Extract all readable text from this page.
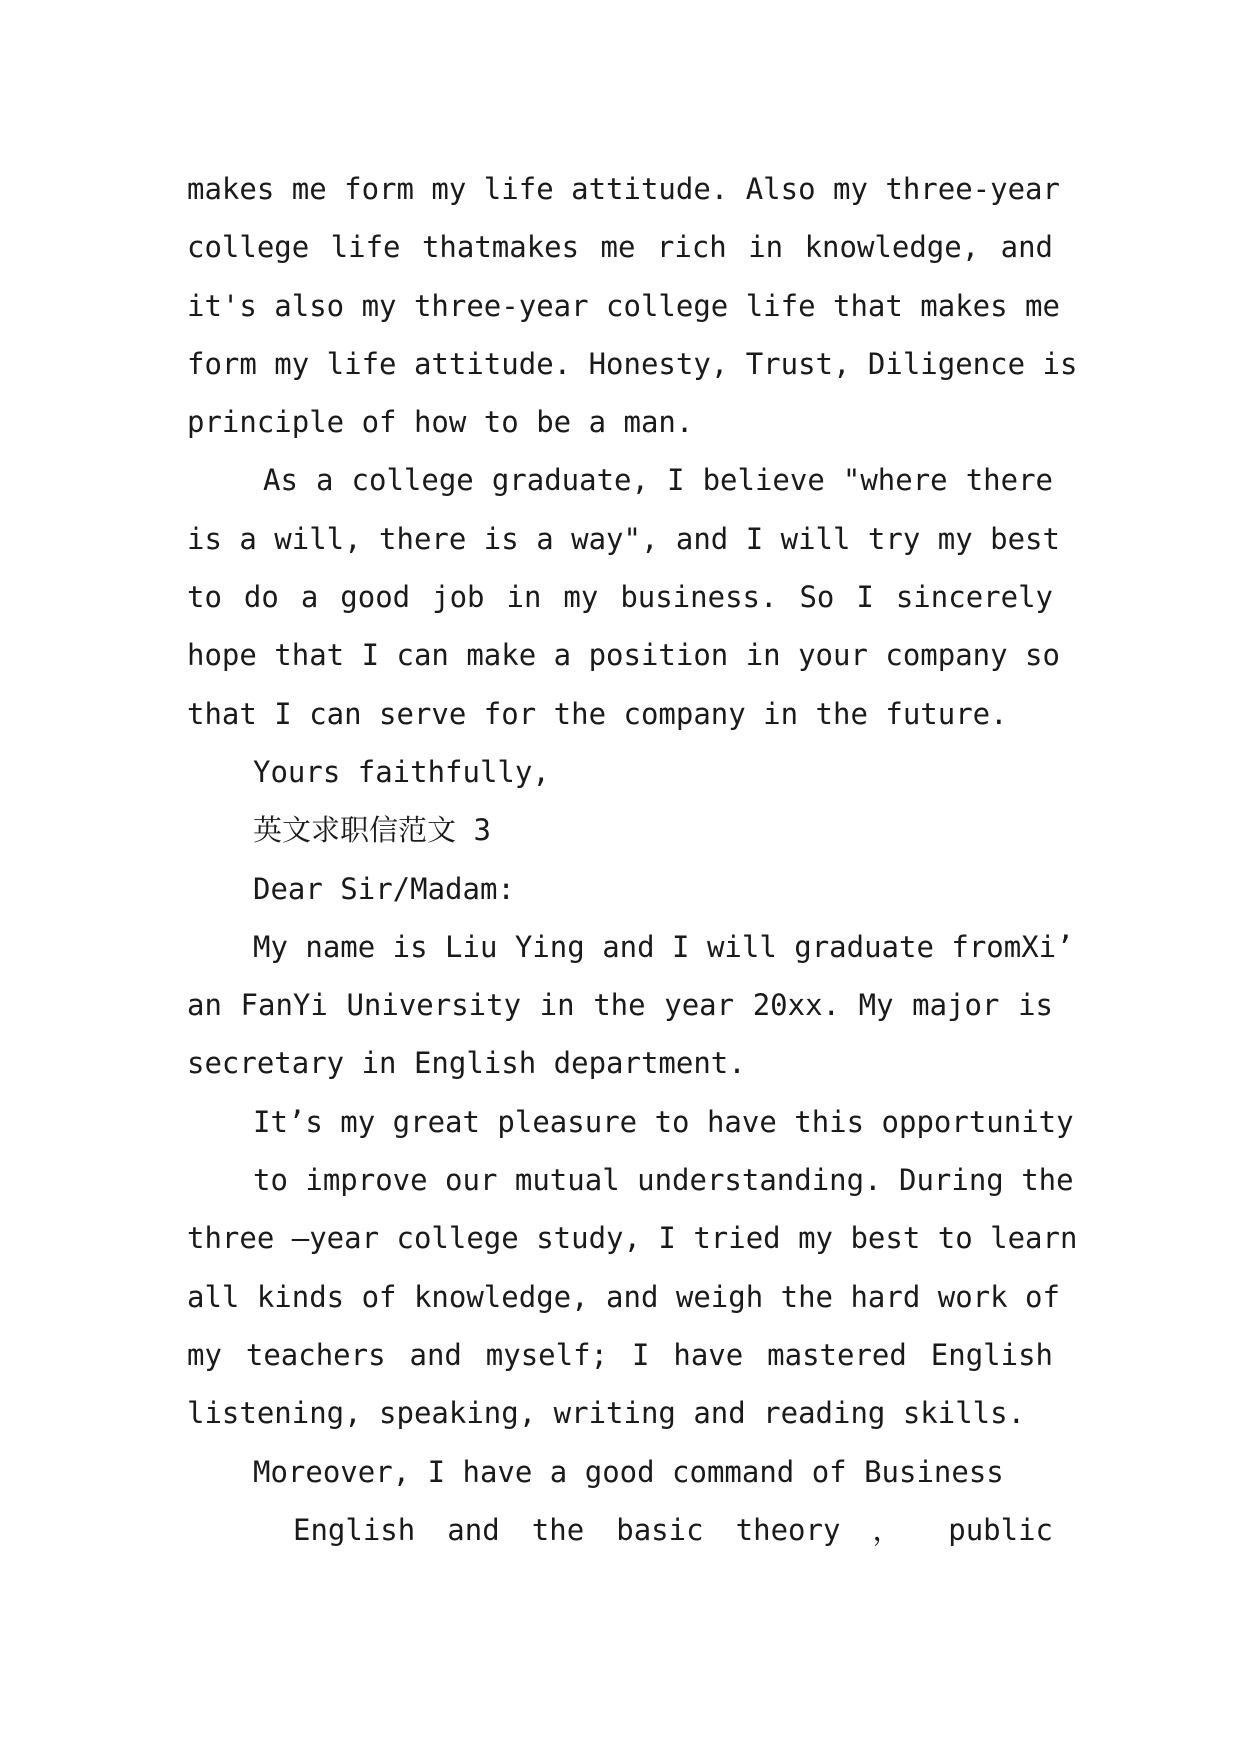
makes me form my life attitude. Also my three-year
college life thatmakes me rich in knowledge, and
it's also my three-year college life that makes me
form my life attitude. Honesty, Trust, Diligence is
principle of how to be a man.
As a college graduate, I believe "where there
is a will, there is a way", and I will try my best
to do a good job in my business. So I sincerely
hope that I can make a position in your company so
that I can serve for the company in the future.
Yours faithfully,
英文求职信范文 3
Dear Sir/Madam:
My name is Liu Ying and I will graduate fromXi’
an FanYi University in the year 20xx. My major is
secretary in English department.
It’s my great pleasure to have this opportunity
to improve our mutual understanding. During the
three –year college study, I tried my best to learn
all kinds of knowledge, and weigh the hard work of
my teachers and myself; I have mastered English
listening, speaking, writing and reading skills.
Moreover, I have a good command of Business
English and the basic theory ， public
